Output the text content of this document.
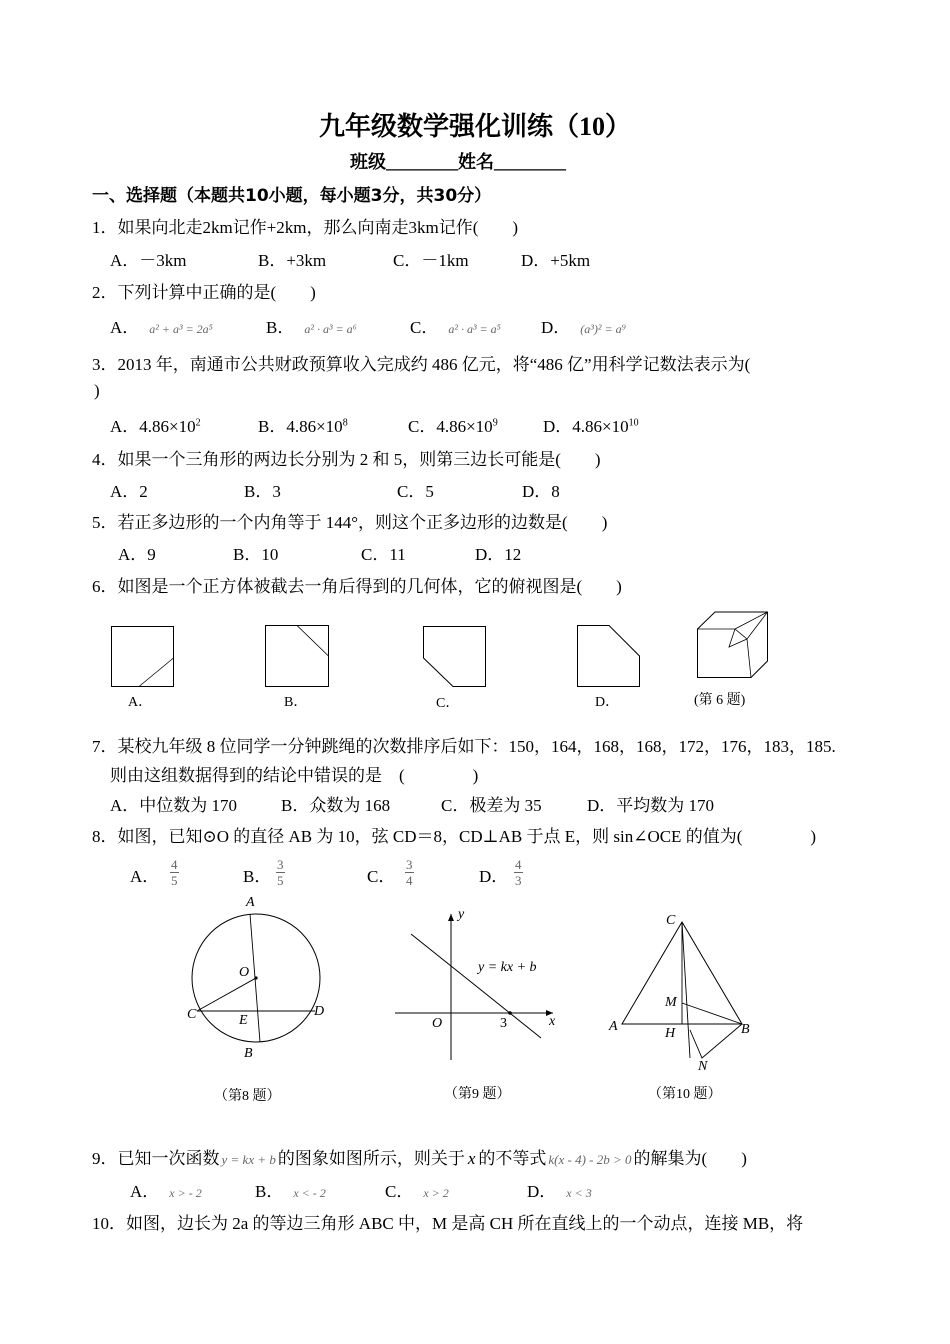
九年级数学强化训练（10）
班级________姓名________
一、选择题（本题共10小题，每小题3分，共30分）
1．如果向北走2km记作+2km，那么向南走3km记作(　　)
A．－3km	B．+3km	C．－1km	D．+5km
2．下列计算中正确的是(　　)
A． a² + a³ = 2a⁵	B． a² · a³ = a⁶	C． a² · a³ = a⁵ D． (a³)² = a⁹
3．2013 年，南通市公共财政预算收入完成约 486 亿元，将“486 亿”用科学记数法表示为(
)
A．$4.86\times 10^2$	B．$4.86\times 10^8$	C．$4.86\times 10^9$	D．$4.86\times 10^{10}$
4．如果一个三角形的两边长分别为 2 和 5，则第三边长可能是(　　)
A．2	B．3	C．5	D．8
5．若正多边形的一个内角等于 144°，则这个正多边形的边数是(　　)
A．9	B．10	C．11	D．12
6．如图是一个正方体被截去一角后得到的几何体，它的俯视图是(　　)
A．	B．	C．	D．	(第 6 题)
7．某校九年级 8 位同学一分钟跳绳的次数排序后如下：150，164，168，168，172，176，183，185.
则由这组数据得到的结论中错误的是　(　　　　)
A．中位数为 170	B．众数为 168	C．极差为 35	D．平均数为 170
8．如图，已知⊙O 的直径 AB 为 10，弦 CD＝8，CD⊥AB 于点 E，则 sin∠OCE 的值为(　　　　)
A． $\frac{4}{5}$	B． $\frac{3}{5}$	C． $\frac{3}{4}$	D． $\frac{4}{3}$
A
O
C	E
D
B
（第8 题）
y
y = kx + b
O	3	x
（第9 题）
C
M
A	H	B
N
（第10 题）
9．已知一次函数 y = kx + b 的图象如图所示，则关于 x 的不等式 k(x - 4) - 2b > 0 的解集为(　　)
A． x > - 2	B． x < - 2	C． x > 2	D． x < 3
10．如图，边长为 2a 的等边三角形 ABC 中，M 是高 CH 所在直线上的一个动点，连接 MB，将
